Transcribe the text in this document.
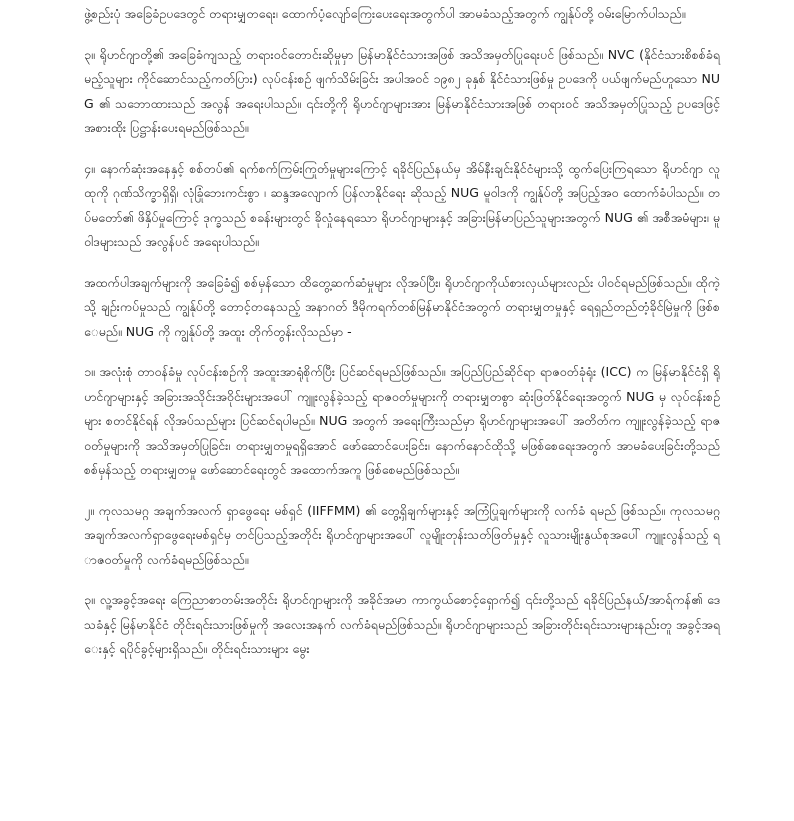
ဖွဲ့စည်းပုံ အခြေခံဥပဒေတွင် တရားမျှတရေး၊ ထောက်ပံ့လျော်ကြေးပေးရေးအတွက်ပါ အာမခံသည့်အတွက် ကျွန်ုပ်တို့ ဝမ်းမြောက်ပါသည်။

၃။ ရိုဟင်ဂျာတို့၏ အခြေခံကျသည့် တရားဝင်တောင်းဆိုမှုမှာ မြန်မာနိုင်ငံသားအဖြစ် အသိအမှတ်ပြုရေးပင် ဖြစ်သည်။ NVC (နိုင်ငံသားစိစစ်ခံရမည့်သူများ ကိုင်ဆောင်သည့်ကတ်ပြား) လုပ်ငန်းစဉ် ဖျက်သိမ်းခြင်း အပါအဝင် ၁၉၈၂ ခုနှစ် နိုင်ငံသားဖြစ်မှု ဥပဒေကို ပယ်ဖျက်မည်ဟူသော NUG ၏ သဘောထားသည် အလွန် အရေးပါသည်။ ၎င်းတို့ကို ရိုဟင်ဂျာများအား မြန်မာနိုင်ငံသားအဖြစ် တရားဝင် အသိအမှတ်ပြုသည့် ဥပဒေဖြင့် အစားထိုး ပြဋ္ဌာန်းပေးရမည်ဖြစ်သည်။

၄။ နောက်ဆုံးအနေနှင့် စစ်တပ်၏ ရက်စက်ကြမ်းကြုတ်မှုများကြောင့် ရခိုင်ပြည်နယ်မှ အိမ်နီးချင်းနိုင်ငံများသို့ ထွက်ပြေးကြရသော ရိုဟင်ဂျာ လူထုကို ဂုဏ်သိက္ခာရှိရှိ၊ လုံခြုံဘေးကင်းစွာ ၊ ဆန္ဒအလျောက် ပြန်လာနိုင်ရေး ဆိုသည့် NUG မူဝါဒကို ကျွန်ုပ်တို့ အပြည့်အဝ ထောက်ခံပါသည်။ တပ်မတော်၏ ဖိနှိပ်မှုကြောင့် ဒုက္ခသည် စခန်းများတွင် ခိုလှုံနေရသော ရိုဟင်ဂျာများနှင့် အခြားမြန်မာပြည်သူများအတွက် NUG ၏ အစီအမံများ၊ မူဝါဒများသည် အလွန်ပင် အရေးပါသည်။

အထက်ပါအချက်များကို အခြေခံ၍ စစ်မှန်သော ထိတွေ့ဆက်ဆံမှုများ လိုအပ်ပြီး၊ ရိုဟင်ဂျာကိုယ်စားလှယ်များလည်း ပါဝင်ရမည်ဖြစ်သည်။ ထိုကဲ့သို့ ချဉ်းကပ်မှုသည် ကျွန်ုပ်တို့ တောင့်တနေသည့် အနာဂတ် ဒီမိုကရက်တစ်မြန်မာနိုင်ငံအတွက် တရားမျှတမှုနှင့် ရေရှည်တည်တံ့ခိုင်မြဲမှုကို ဖြစ်စေမည်။ NUG ကို ကျွန်ုပ်တို့ အထူး တိုက်တွန်းလိုသည်မှာ -

၁။ အလုံးစုံ တာဝန်ခံမှု လုပ်ငန်းစဉ်ကို အထူးအာရုံစိုက်ပြီး ပြင်ဆင်ရမည်ဖြစ်သည်။ အပြည်ပြည်ဆိုင်ရာ ရာဇဝတ်ခုံရုံး (ICC) က မြန်မာနိုင်ငံရှိ ရိုဟင်ဂျာများနှင့် အခြားအသိုင်းအဝိုင်းများအပေါ် ကျူးလွန်ခဲ့သည့် ရာဇဝတ်မှုများကို တရားမျှတစွာ ဆုံးဖြတ်နိုင်ရေးအတွက် NUG မှ လုပ်ငန်းစဉ်များ စတင်နိုင်ရန် လိုအပ်သည်များ ပြင်ဆင်ရပါမည်။ NUG အတွက် အရေးကြီးသည်မှာ ရိုဟင်ဂျာများအပေါ် အတိတ်က ကျူးလွန်ခဲ့သည့် ရာဇဝတ်မှုများကို အသိအမှတ်ပြုခြင်း၊ တရားမျှတမှုရရှိအောင် ဖော်ဆောင်ပေးခြင်း၊ နောက်နောင်ထိုသို့ မဖြစ်စေရေးအတွက် အာမခံပေးခြင်းတို့သည် စစ်မှန်သည့် တရားမျှတမှု ဖော်ဆောင်ရေးတွင် အထောက်အကူ ဖြစ်စေမည်ဖြစ်သည်။

၂။ ကုလသမဂ္ဂ အချက်အလက် ရှာဖွေရေး မစ်ရှင် (IIFFMM) ၏ တွေ့ရှိချက်များနှင့် အကြံပြုချက်များကို လက်ခံ ရမည် ဖြစ်သည်။ ကုလသမဂ္ဂအချက်အလက်ရှာဖွေရေးမစ်ရှင်မှ တင်ပြသည့်အတိုင်း ရိုဟင်ဂျာများအပေါ် လူမျိုးတုန်းသတ်ဖြတ်မှုနှင့် လူသားမျိုးနွယ်စုအပေါ် ကျူးလွန်သည့် ရာဇဝတ်မှုကို လက်ခံရမည်ဖြစ်သည်။

၃။ လူ့အခွင့်အရေး ကြေညာစာတမ်းအတိုင်း ရိုဟင်ဂျာများကို အခိုင်အမာ ကာကွယ်စောင့်ရှောက်၍ ၎င်းတို့သည် ရခိုင်ပြည်နယ်/အာရ်ကန်၏ ဒေသခံနှင့် မြန်မာနိုင်ငံ တိုင်းရင်းသားဖြစ်မှုကို အလေးအနက် လက်ခံရမည်ဖြစ်သည်။ ရိုဟင်ဂျာများသည် အခြားတိုင်းရင်းသားများနည်းတူ အခွင့်အရေးနှင့် ရပိုင်ခွင့်များရှိသည်။ တိုင်းရင်းသားများ မွေး
